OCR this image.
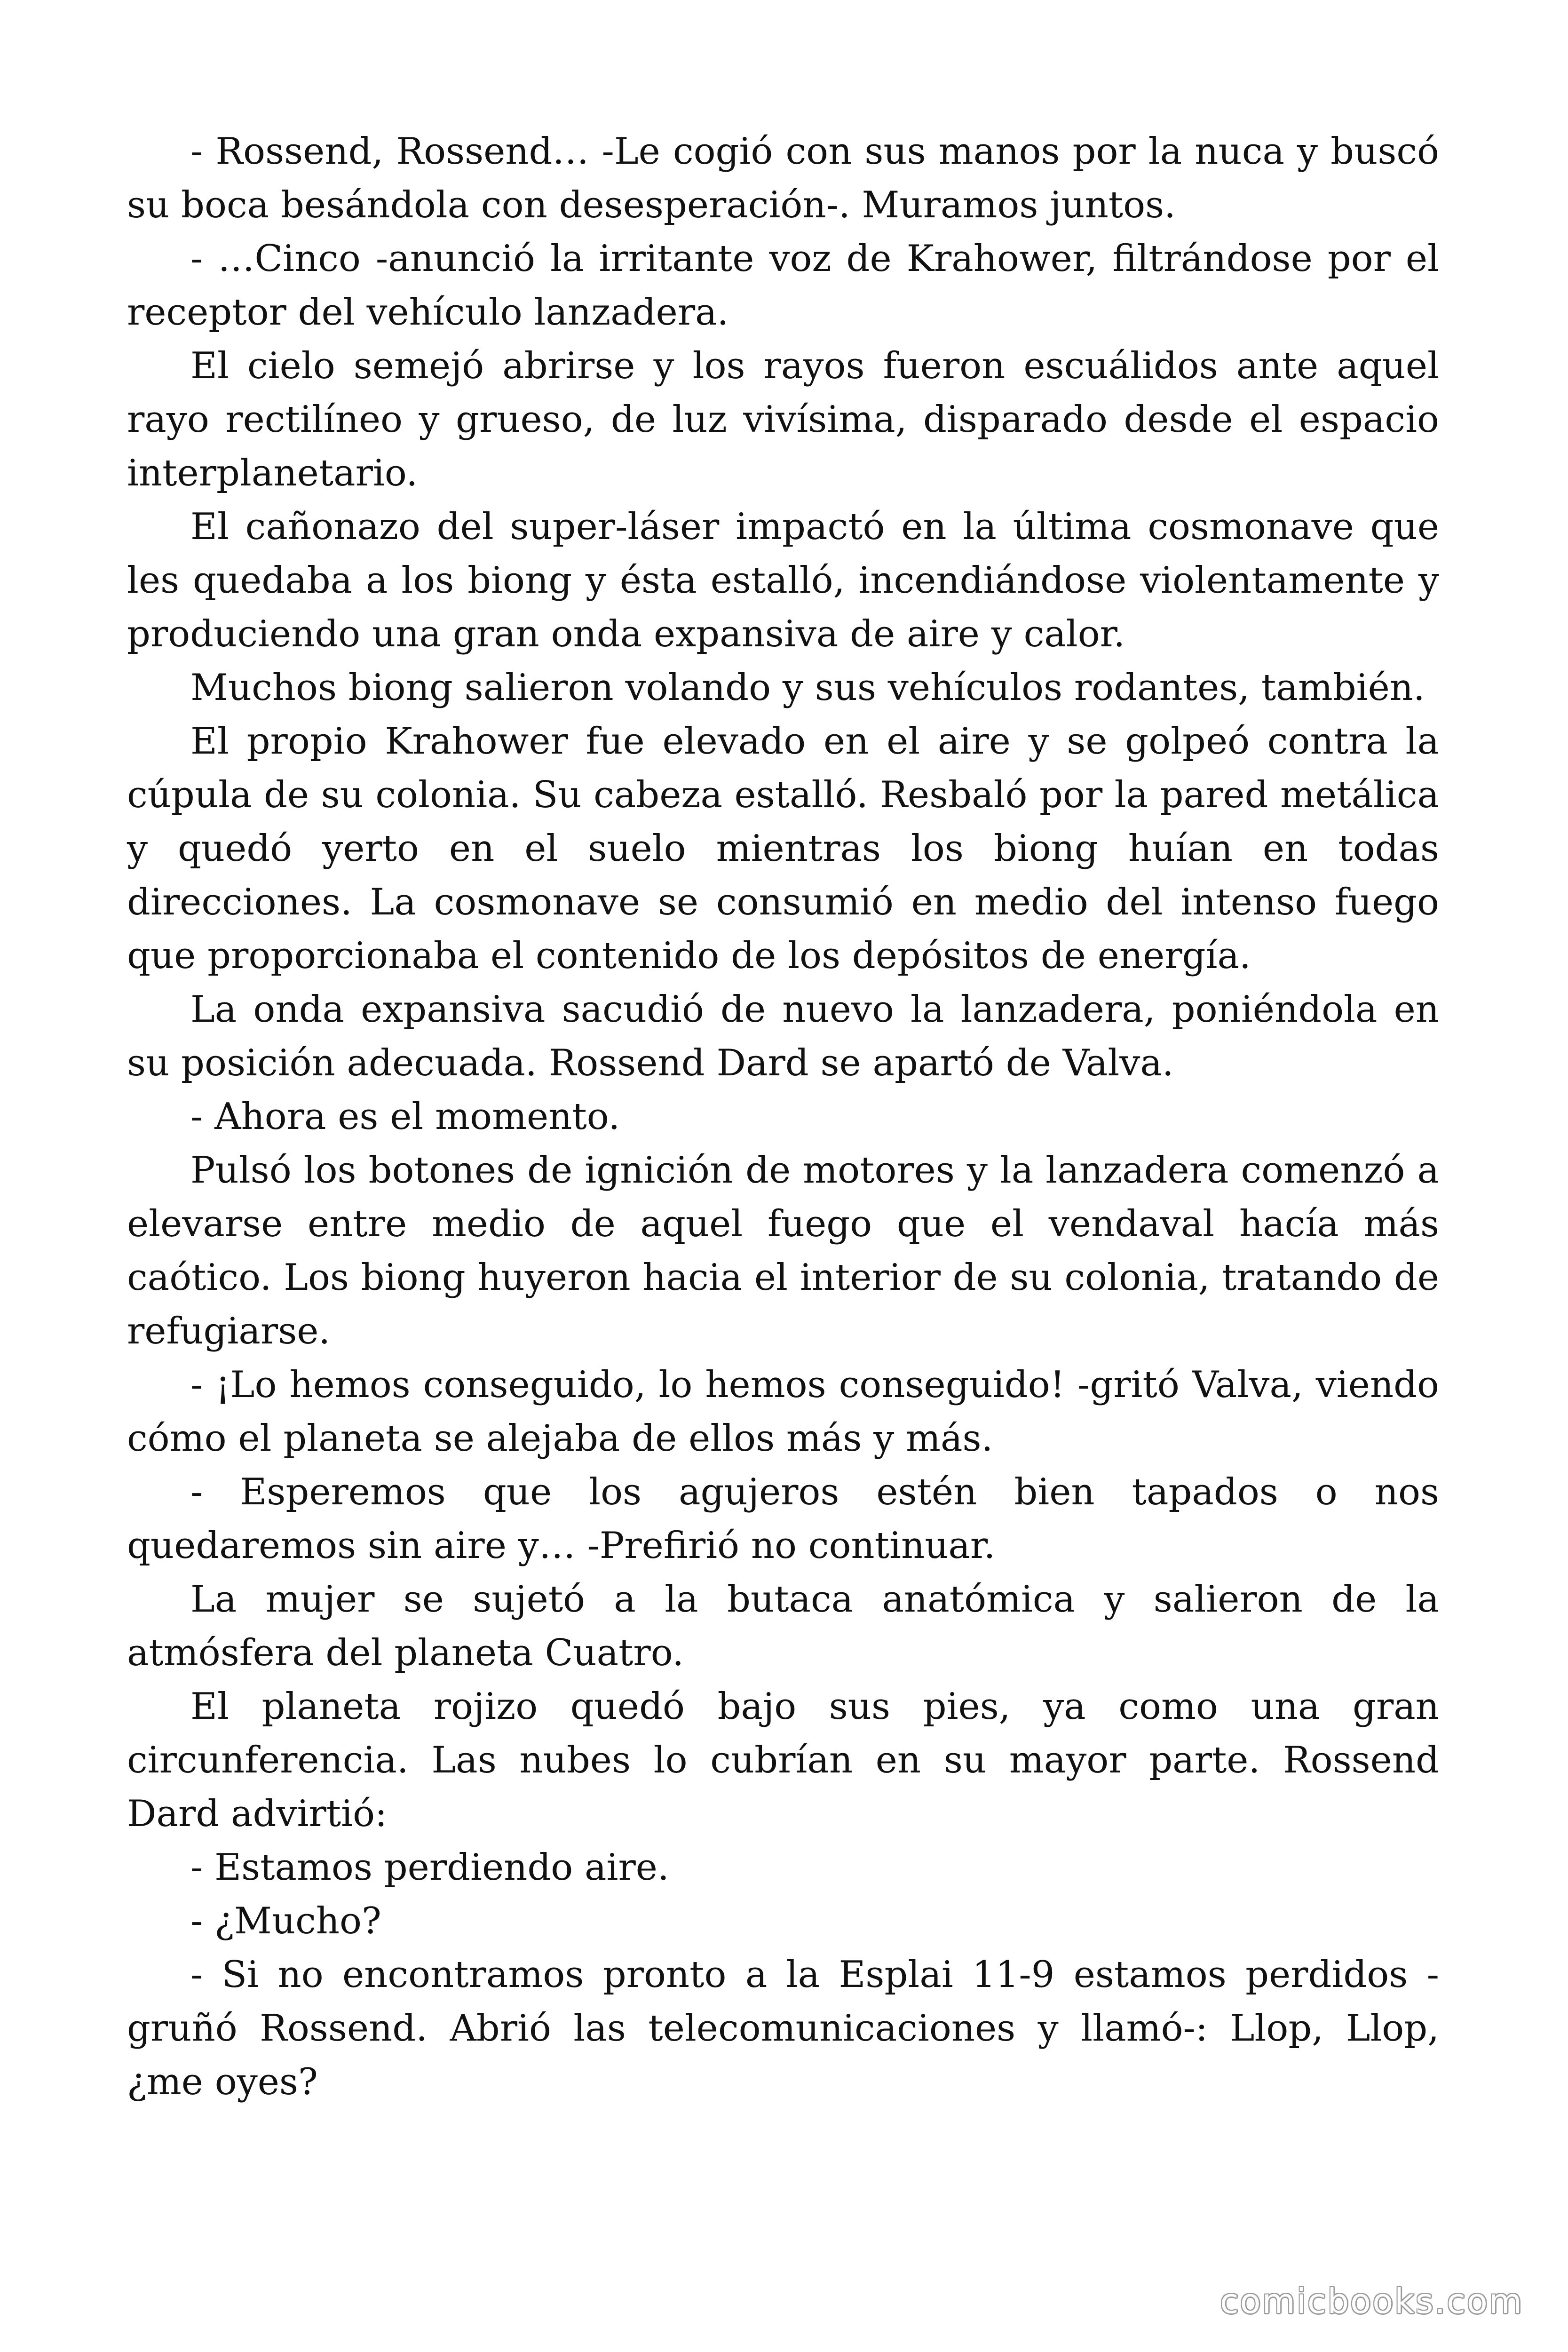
- Rossend, Rossend… -Le cogió con sus manos por la nuca y buscó su boca besándola con desesperación-. Muramos juntos.

- …Cinco -anunció la irritante voz de Krahower, filtrándose por el receptor del vehículo lanzadera.

El cielo semejó abrirse y los rayos fueron escuálidos ante aquel rayo rectilíneo y grueso, de luz vivísima, disparado desde el espacio interplanetario.

El cañonazo del super-láser impactó en la última cosmonave que les quedaba a los biong y ésta estalló, incendiándose violentamente y produciendo una gran onda expansiva de aire y calor.

Muchos biong salieron volando y sus vehículos rodantes, también.

El propio Krahower fue elevado en el aire y se golpeó contra la cúpula de su colonia. Su cabeza estalló. Resbaló por la pared metálica y quedó yerto en el suelo mientras los biong huían en todas direcciones. La cosmonave se consumió en medio del intenso fuego que proporcionaba el contenido de los depósitos de energía.

La onda expansiva sacudió de nuevo la lanzadera, poniéndola en su posición adecuada. Rossend Dard se apartó de Valva.

- Ahora es el momento.

Pulsó los botones de ignición de motores y la lanzadera comenzó a elevarse entre medio de aquel fuego que el vendaval hacía más caótico. Los biong huyeron hacia el interior de su colonia, tratando de refugiarse.

- ¡Lo hemos conseguido, lo hemos conseguido! -gritó Valva, viendo cómo el planeta se alejaba de ellos más y más.

- Esperemos que los agujeros estén bien tapados o nos quedaremos sin aire y… -Prefirió no continuar.

La mujer se sujetó a la butaca anatómica y salieron de la atmósfera del planeta Cuatro.

El planeta rojizo quedó bajo sus pies, ya como una gran circunferencia. Las nubes lo cubrían en su mayor parte. Rossend Dard advirtió:

- Estamos perdiendo aire.

- ¿Mucho?

- Si no encontramos pronto a la Esplai 11-9 estamos perdidos -gruñó Rossend. Abrió las telecomunicaciones y llamó-: Llop, Llop, ¿me oyes?

comicbooks.com
